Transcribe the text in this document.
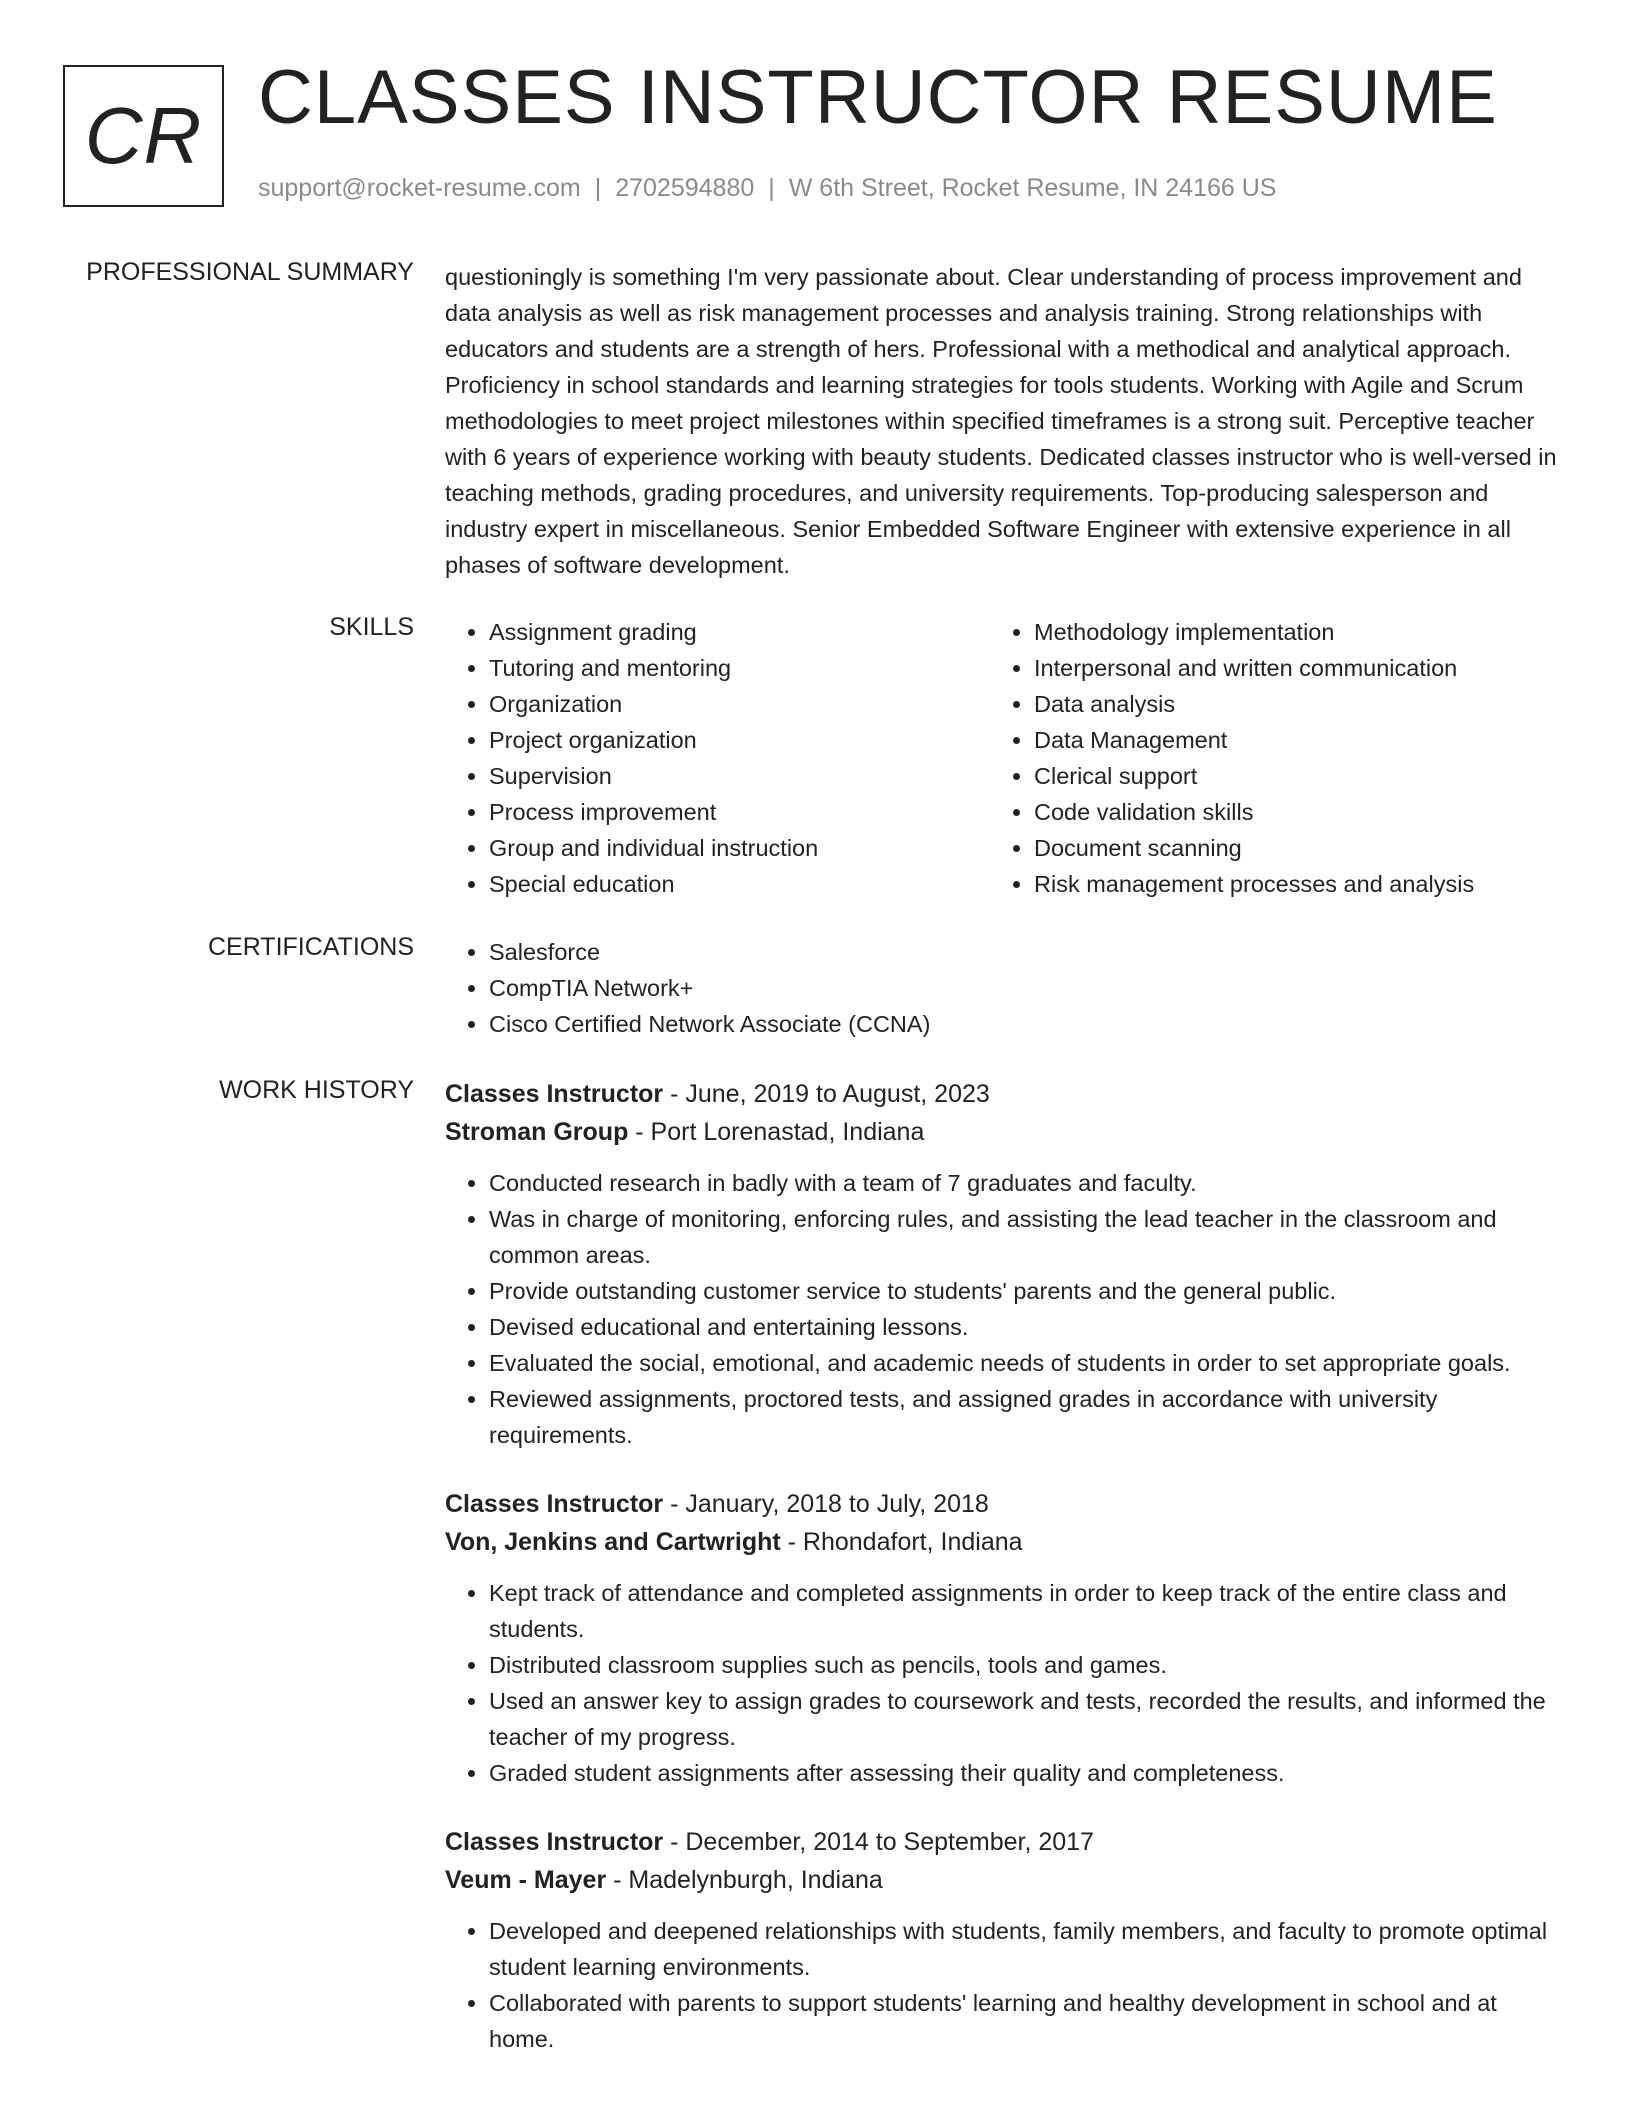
CR CLASSES INSTRUCTOR RESUME
support@rocket-resume.com | 2702594880 | W 6th Street, Rocket Resume, IN 24166 US
PROFESSIONAL SUMMARY questioningly is something I'm very passionate about. Clear understanding of process improvement and data analysis as well as risk management processes and analysis training. Strong relationships with educators and students are a strength of hers. Professional with a methodical and analytical approach. Proficiency in school standards and learning strategies for tools students. Working with Agile and Scrum methodologies to meet project milestones within specified timeframes is a strong suit. Perceptive teacher with 6 years of experience working with beauty students. Dedicated classes instructor who is well-versed in teaching methods, grading procedures, and university requirements. Top-producing salesperson and industry expert in miscellaneous. Senior Embedded Software Engineer with extensive experience in all phases of software development.

SKILLS	• Assignment grading
• Tutoring and mentoring
• Organization
• Project organization
• Supervision
• Process improvement
• Group and individual instruction
• Special education
• Methodology implementation
• Interpersonal and written communication
• Data analysis
• Data Management
• Clerical support
• Code validation skills
• Document scanning
• Risk management processes and analysis
CERTIFICATIONS	• Salesforce
• CompTIA Network+
• Cisco Certified Network Associate (CCNA)
WORK HISTORY Classes Instructor - June, 2019 to August, 2023
Stroman Group - Port Lorenastad, Indiana
• Conducted research in badly with a team of 7 graduates and faculty.
• Was in charge of monitoring, enforcing rules, and assisting the lead teacher in the classroom and common areas.
• Provide outstanding customer service to students' parents and the general public.
• Devised educational and entertaining lessons.
• Evaluated the social, emotional, and academic needs of students in order to set appropriate goals.
• Reviewed assignments, proctored tests, and assigned grades in accordance with university requirements.
Classes Instructor - January, 2018 to July, 2018
Von, Jenkins and Cartwright - Rhondafort, Indiana
• Kept track of attendance and completed assignments in order to keep track of the entire class and students.
• Distributed classroom supplies such as pencils, tools and games.
• Used an answer key to assign grades to coursework and tests, recorded the results, and informed the teacher of my progress.
• Graded student assignments after assessing their quality and completeness.
Classes Instructor - December, 2014 to September, 2017
Veum - Mayer - Madelynburgh, Indiana
• Developed and deepened relationships with students, family members, and faculty to promote optimal student learning environments.
• Collaborated with parents to support students' learning and healthy development in school and at home.
